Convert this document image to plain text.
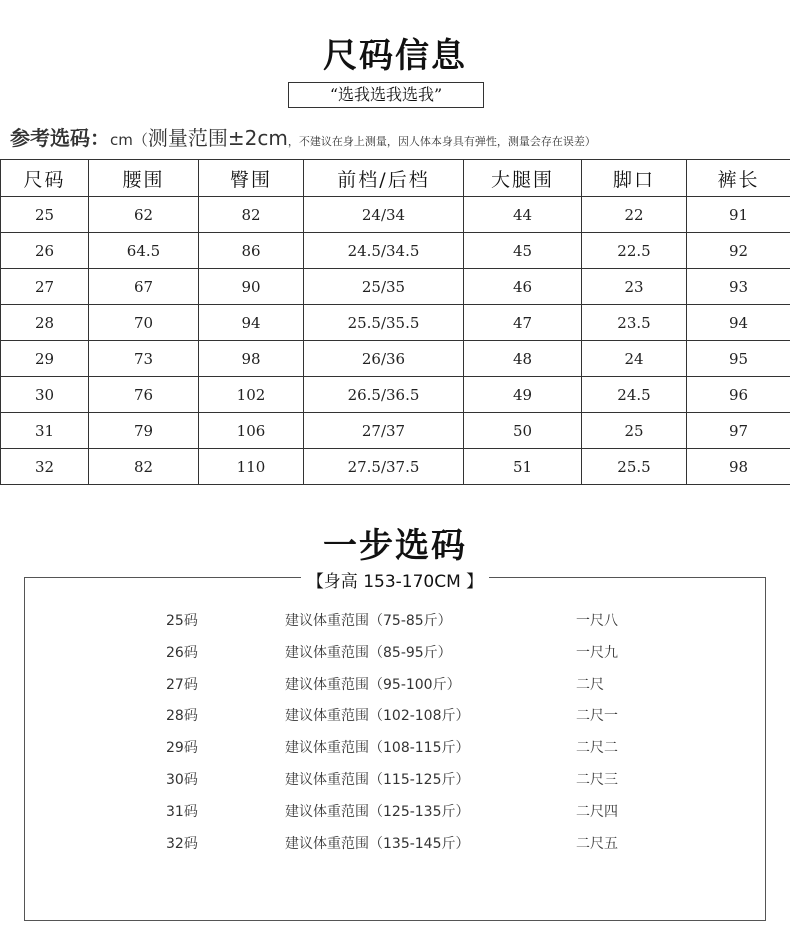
尺码信息
“选我选我选我”
参考选码：cm（测量范围±2cm，不建议在身上测量，因人体本身具有弹性，测量会存在误差）
尺码	腰围	臀围	前档/后档	大腿围	脚口	裤长
25	62	82	24/34	44	22	91
26	64.5	86	24.5/34.5	45	22.5	92
27	67	90	25/35	46	23	93
28	70	94	25.5/35.5	47	23.5	94
29	73	98	26/36	48	24	95
30	76	102	26.5/36.5	49	24.5	96
31	79	106	27/37	50	25	97
32	82	110	27.5/37.5	51	25.5	98
一步选码
【身高 153-170CM 】
25码	建议体重范围（75-85斤）	一尺八
26码	建议体重范围（85-95斤）	一尺九
27码	建议体重范围（95-100斤）	二尺
28码	建议体重范围（102-108斤）	二尺一
29码	建议体重范围（108-115斤）	二尺二
30码	建议体重范围（115-125斤）	二尺三
31码	建议体重范围（125-135斤）	二尺四
32码	建议体重范围（135-145斤）	二尺五
